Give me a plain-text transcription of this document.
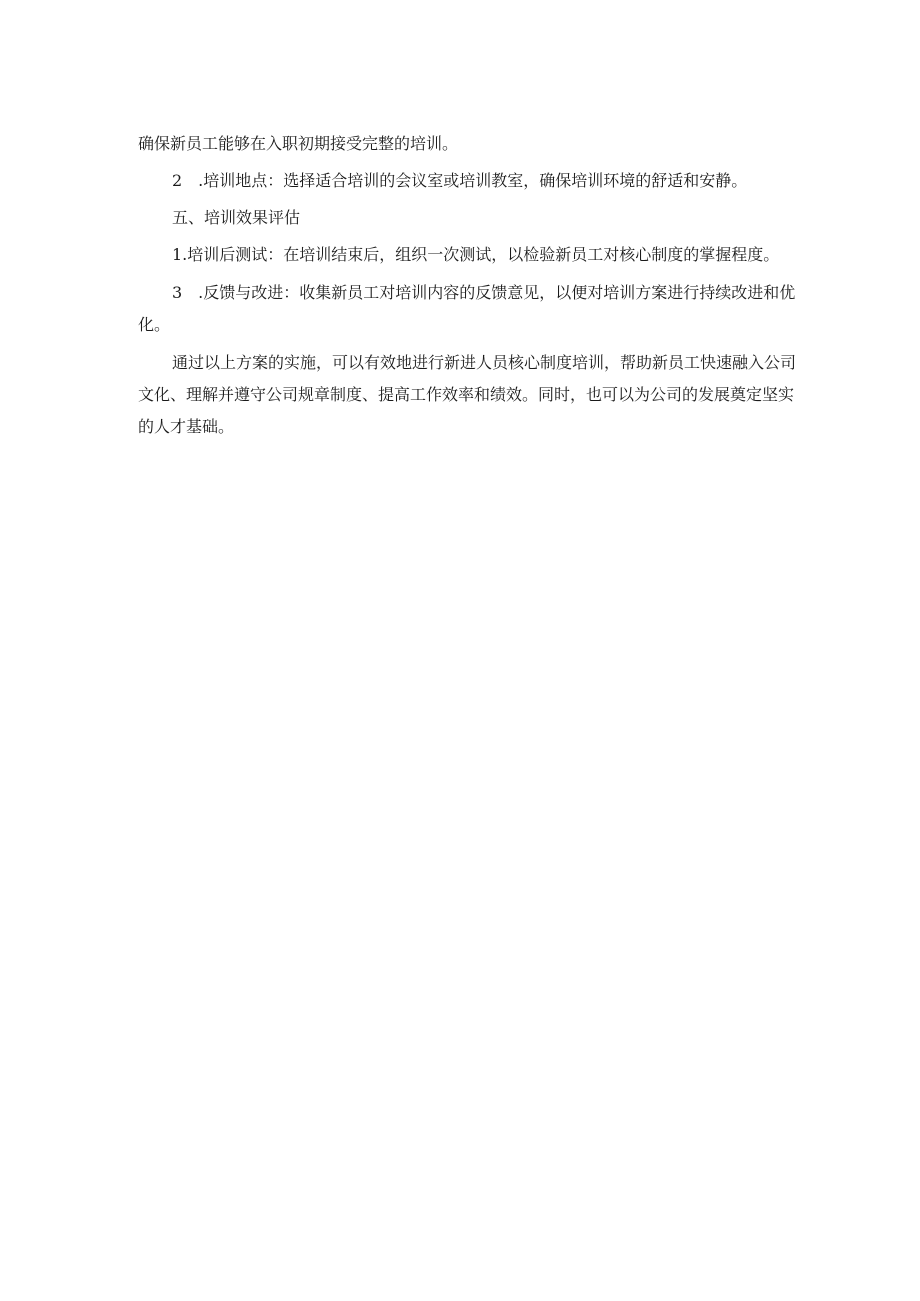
确保新员工能够在入职初期接受完整的培训。

2　.培训地点：选择适合培训的会议室或培训教室，确保培训环境的舒适和安静。

五、培训效果评估

1.培训后测试：在培训结束后，组织一次测试，以检验新员工对核心制度的掌握程度。

3　.反馈与改进：收集新员工对培训内容的反馈意见，以便对培训方案进行持续改进和优化。

通过以上方案的实施，可以有效地进行新进人员核心制度培训，帮助新员工快速融入公司文化、理解并遵守公司规章制度、提高工作效率和绩效。同时，也可以为公司的发展奠定坚实的人才基础。
